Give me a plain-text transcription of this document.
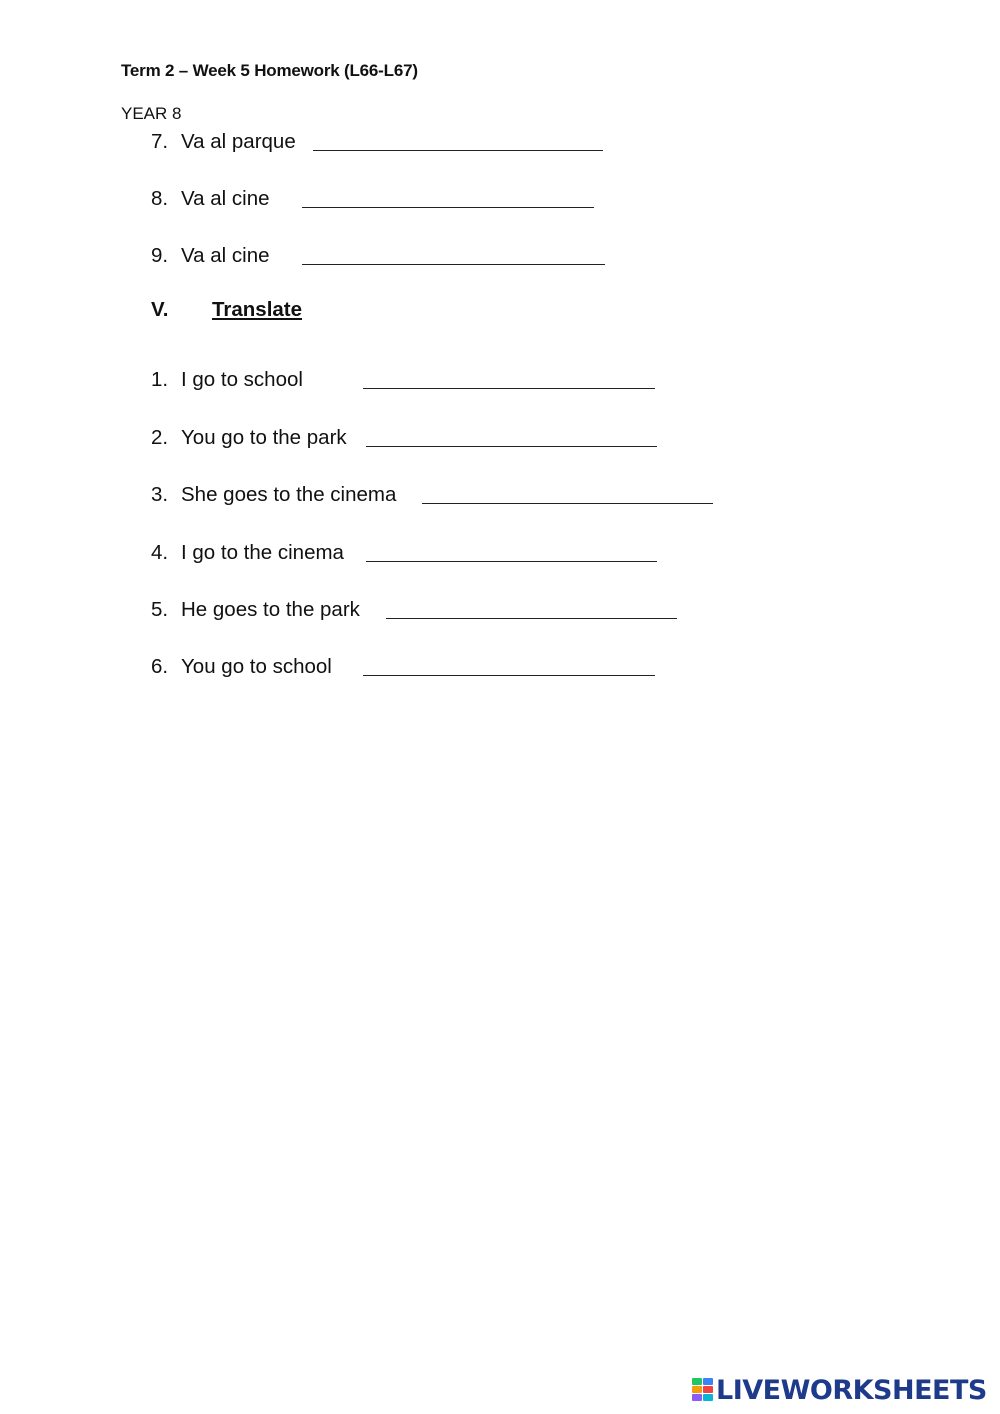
Term 2 – Week 5 Homework (L66-L67)
YEAR 8
7. Va al parque
8. Va al cine
9. Va al cine
V. Translate
1. I go to school
2. You go to the park
3. She goes to the cinema
4. I go to the cinema
5. He goes to the park
6. You go to school
LIVEWORKSHEETS
